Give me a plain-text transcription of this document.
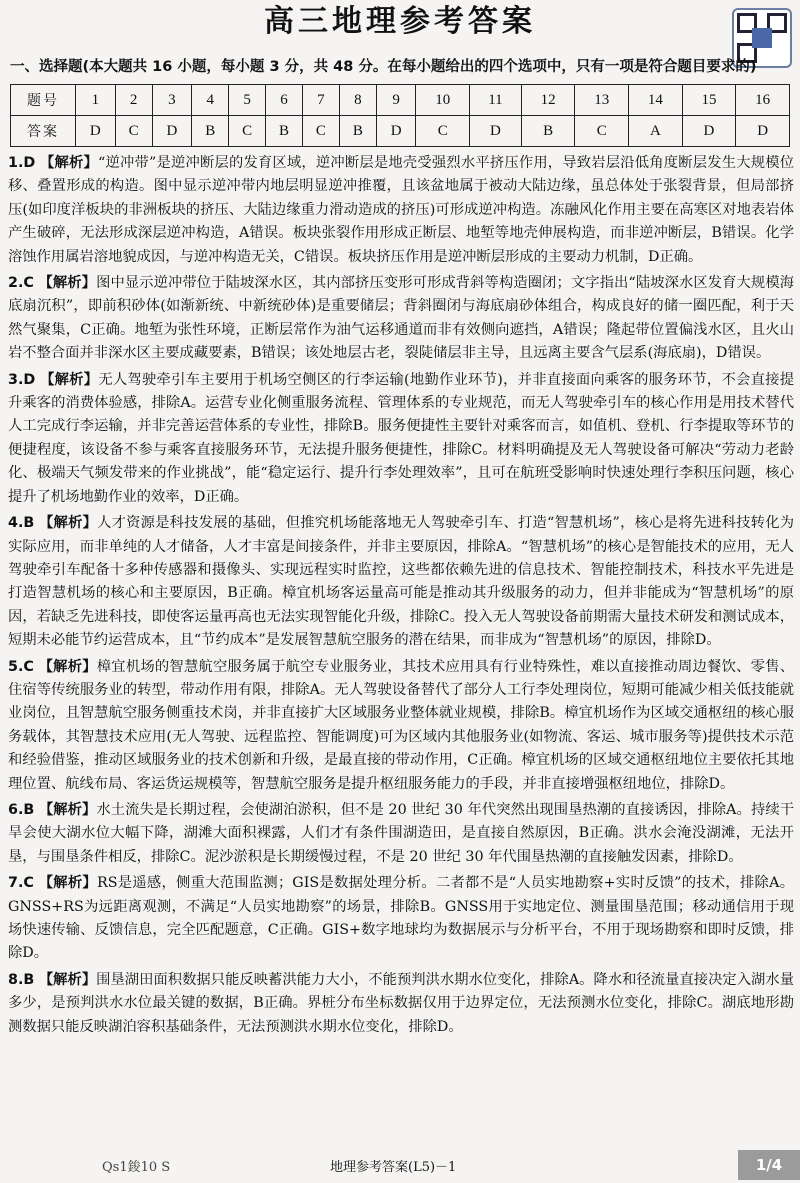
高三地理参考答案
一、选择题(本大题共 16 小题，每小题 3 分，共 48 分。在每小题给出的四个选项中，只有一项是符合题目要求的)
题号	1	2	3	4	5	6	7	8	9	10	11	12	13	14	15	16
答案	D	C	D	B	C	B	C	B	D	C	D	B	C	A	D	D
1.D 【解析】“逆冲带”是逆冲断层的发育区域，逆冲断层是地壳受强烈水平挤压作用，导致岩层沿低角度断层发生大规模位移、叠置形成的构造。图中显示逆冲带内地层明显逆冲推覆，且该盆地属于被动大陆边缘，虽总体处于张裂背景，但局部挤压(如印度洋板块的非洲板块的挤压、大陆边缘重力滑动造成的挤压)可形成逆冲构造。冻融风化作用主要在高寒区对地表岩体产生破碎，无法形成深层逆冲构造，A错误。板块张裂作用形成正断层、地堑等地壳伸展构造，而非逆冲断层，B错误。化学溶蚀作用属岩溶地貌成因，与逆冲构造无关，C错误。板块挤压作用是逆冲断层形成的主要动力机制，D正确。
2.C 【解析】图中显示逆冲带位于陆坡深水区，其内部挤压变形可形成背斜等构造圈闭；文字指出“陆坡深水区发育大规模海底扇沉积”，即前积砂体(如渐新统、中新统砂体)是重要储层；背斜圈闭与海底扇砂体组合，构成良好的储一圈匹配，利于天然气聚集，C正确。地堑为张性环境，正断层常作为油气运移通道而非有效侧向遮挡，A错误；隆起带位置偏浅水区，且火山岩不整合面并非深水区主要成藏要素，B错误；该处地层古老，裂陡储层非主导，且远离主要含气层系(海底扇)，D错误。
3.D 【解析】无人驾驶牵引车主要用于机场空侧区的行李运输(地勤作业环节)，并非直接面向乘客的服务环节，不会直接提升乘客的消费体验感，排除A。运营专业化侧重服务流程、管理体系的专业规范，而无人驾驶牵引车的核心作用是用技术替代人工完成行李运输，并非完善运营体系的专业性，排除B。服务便捷性主要针对乘客而言，如值机、登机、行李提取等环节的便捷程度，该设备不参与乘客直接服务环节，无法提升服务便捷性，排除C。材料明确提及无人驾驶设备可解决“劳动力老龄化、极端天气频发带来的作业挑战”，能“稳定运行、提升行李处理效率”，且可在航班受影响时快速处理行李积压问题，核心提升了机场地勤作业的效率，D正确。
4.B 【解析】人才资源是科技发展的基础，但推究机场能落地无人驾驶牵引车、打造“智慧机场”，核心是将先进科技转化为实际应用，而非单纯的人才储备，人才丰富是间接条件，并非主要原因，排除A。“智慧机场”的核心是智能技术的应用，无人驾驶牵引车配备十多种传感器和摄像头、实现远程实时监控，这些都依赖先进的信息技术、智能控制技术，科技水平先进是打造智慧机场的核心和主要原因，B正确。樟宜机场客运量高可能是推动其升级服务的动力，但并非能成为“智慧机场”的原因，若缺乏先进科技，即使客运量再高也无法实现智能化升级，排除C。投入无人驾驶设备前期需大量技术研发和测试成本，短期未必能节约运营成本，且“节约成本”是发展智慧航空服务的潜在结果，而非成为“智慧机场”的原因，排除D。
5.C 【解析】樟宜机场的智慧航空服务属于航空专业服务业，其技术应用具有行业特殊性，难以直接推动周边餐饮、零售、住宿等传统服务业的转型，带动作用有限，排除A。无人驾驶设备替代了部分人工行李处理岗位，短期可能减少相关低技能就业岗位，且智慧航空服务侧重技术岗，并非直接扩大区域服务业整体就业规模，排除B。樟宜机场作为区域交通枢纽的核心服务载体，其智慧技术应用(无人驾驶、远程监控、智能调度)可为区域内其他服务业(如物流、客运、城市服务等)提供技术示范和经验借鉴，推动区域服务业的技术创新和升级，是最直接的带动作用，C正确。樟宜机场的区域交通枢纽地位主要依托其地理位置、航线布局、客运货运规模等，智慧航空服务是提升枢纽服务能力的手段，并非直接增强枢纽地位，排除D。
6.B 【解析】水土流失是长期过程，会使湖泊淤积，但不是 20 世纪 30 年代突然出现围垦热潮的直接诱因，排除A。持续干旱会使大湖水位大幅下降，湖滩大面积裸露，人们才有条件围湖造田，是直接自然原因，B正确。洪水会淹没湖滩，无法开垦，与围垦条件相反，排除C。泥沙淤积是长期缓慢过程，不是 20 世纪 30 年代围垦热潮的直接触发因素，排除D。
7.C 【解析】RS是遥感，侧重大范围监测；GIS是数据处理分析。二者都不是“人员实地勘察+实时反馈”的技术，排除A。GNSS+RS为远距离观测，不满足“人员实地勘察”的场景，排除B。GNSS用于实地定位、测量围垦范围；移动通信用于现场快速传输、反馈信息，完全匹配题意，C正确。GIS+数字地球均为数据展示与分析平台，不用于现场勘察和即时反馈，排除D。
8.B 【解析】围垦湖田面积数据只能反映蓄洪能力大小，不能预判洪水期水位变化，排除A。降水和径流量直接决定入湖水量多少，是预判洪水水位最关键的数据，B正确。界桩分布坐标数据仅用于边界定位，无法预测水位变化，排除C。湖底地形勘测数据只能反映湖泊容积基础条件，无法预测洪水期水位变化，排除D。
Qs1鋑10 S	地理参考答案(L5)－1	1/4
